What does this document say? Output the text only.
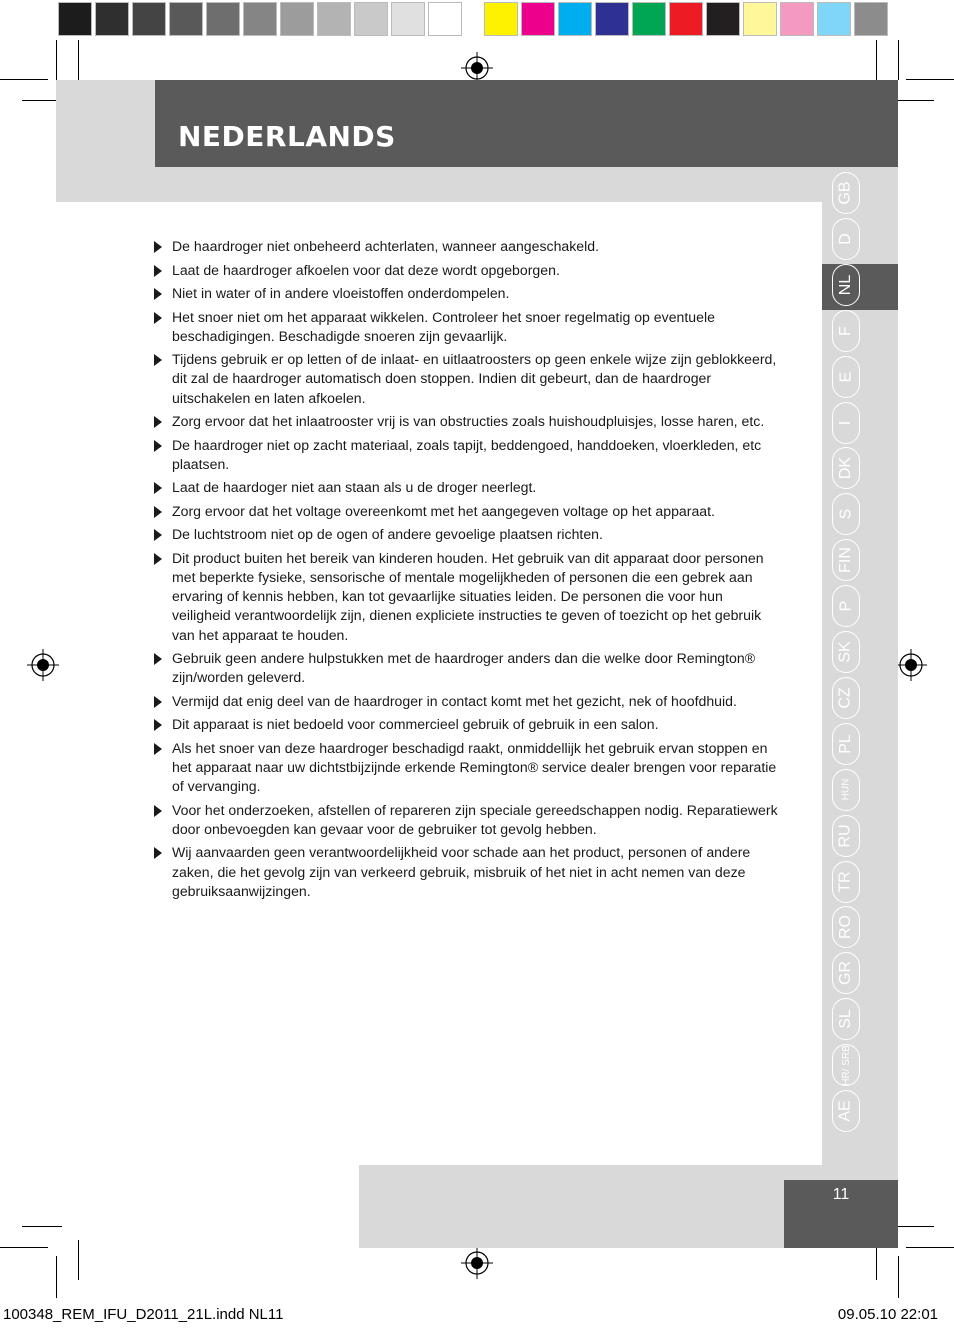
NEDERLANDS
GB
D
NL
F
E
I
DK
S
FIN
P
SK
CZ
PL
HUN
RU
TR
RO
GR
SL
HR/ SRB
AE
De haardroger niet onbeheerd achterlaten, wanneer aangeschakeld.
Laat de haardroger afkoelen voor dat deze wordt opgeborgen.
Niet in water of in andere vloeistoffen onderdompelen.
Het snoer niet om het apparaat wikkelen. Controleer het snoer regelmatig op eventuele beschadigingen. Beschadigde snoeren zijn gevaarlijk.
Tijdens gebruik er op letten of de inlaat- en uitlaatroosters op geen enkele wijze zijn geblokkeerd, dit zal de haardroger automatisch doen stoppen. Indien dit gebeurt, dan de haardroger uitschakelen en laten afkoelen.
Zorg ervoor dat het inlaatrooster vrij is van obstructies zoals huishoudpluisjes, losse haren, etc.
De haardroger niet op zacht materiaal, zoals tapijt, beddengoed, handdoeken, vloerkleden, etc plaatsen.
Laat de haardoger niet aan staan als u de droger neerlegt.
Zorg ervoor dat het voltage overeenkomt met het aangegeven voltage op het apparaat.
De luchtstroom niet op de ogen of andere gevoelige plaatsen richten.
Dit product buiten het bereik van kinderen houden. Het gebruik van dit apparaat door personen met beperkte fysieke, sensorische of mentale mogelijkheden of personen die een gebrek aan ervaring of kennis hebben, kan tot gevaarlijke situaties leiden. De personen die voor hun veiligheid verantwoordelijk zijn, dienen expliciete instructies te geven of toezicht op het gebruik van het apparaat te houden.
Gebruik geen andere hulpstukken met de haardroger anders dan die welke door Remington® zijn/worden geleverd.
Vermijd dat enig deel van de haardroger in contact komt met het gezicht, nek of hoofdhuid.
Dit apparaat is niet bedoeld voor commercieel gebruik of gebruik in een salon.
Als het snoer van deze haardroger beschadigd raakt, onmiddellijk het gebruik ervan stoppen en het apparaat naar uw dichtstbijzijnde erkende Remington® service dealer brengen voor reparatie of vervanging.
Voor het onderzoeken, afstellen of repareren zijn speciale gereedschappen nodig. Reparatiewerk door onbevoegden kan gevaar voor de gebruiker tot gevolg hebben.
Wij aanvaarden geen verantwoordelijkheid voor schade aan het product, personen of andere zaken, die het gevolg zijn van verkeerd gebruik, misbruik of het niet in acht nemen van deze gebruiksaanwijzingen.
11
100348_REM_IFU_D2011_21L.indd NL11	09.05.10 22:01
